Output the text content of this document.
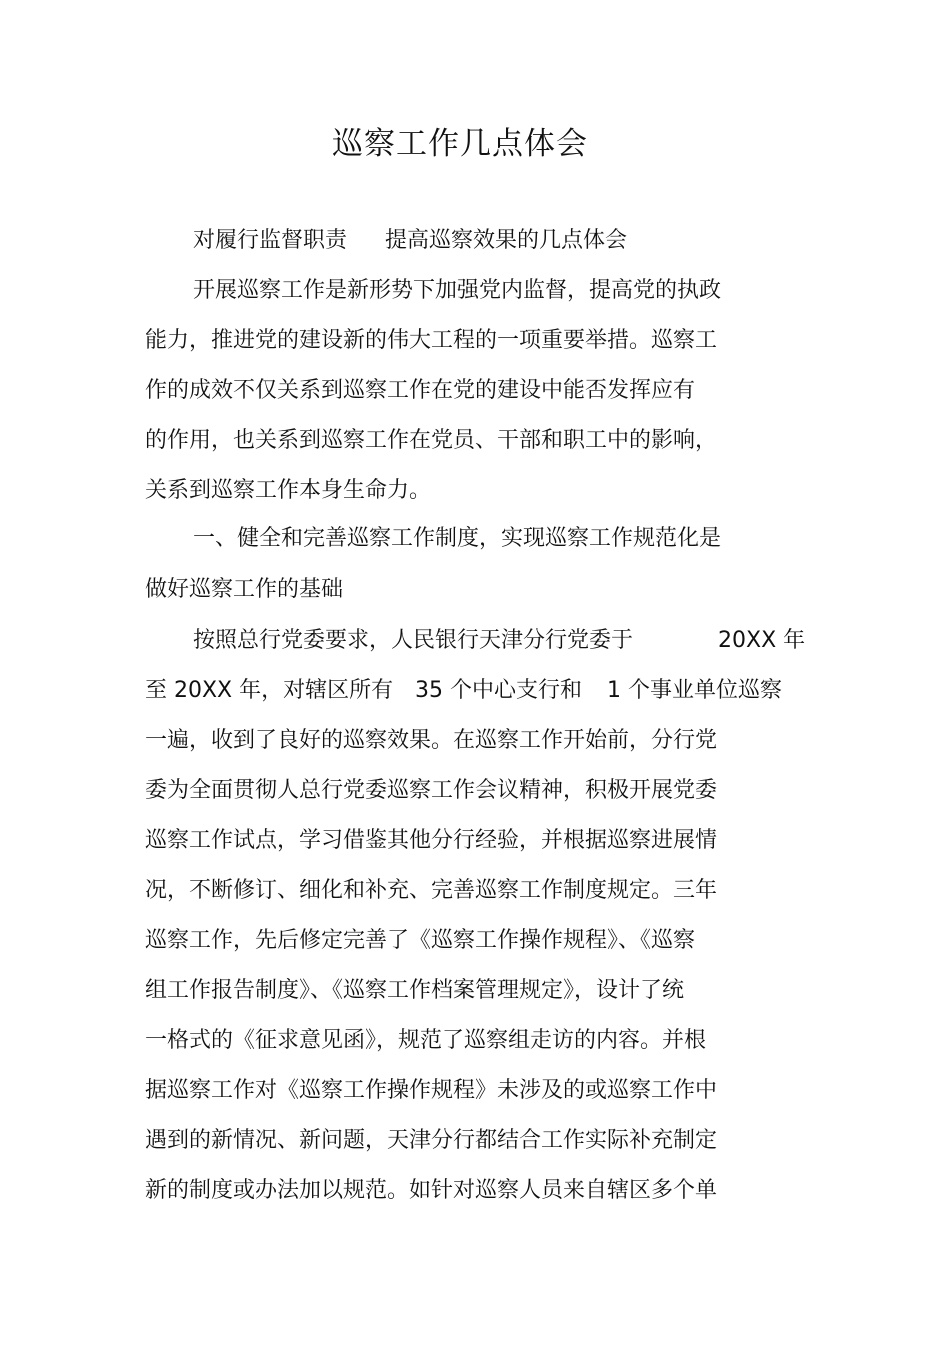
巡察工作几点体会
对履行监督职责 提高巡察效果的几点体会
开展巡察工作是新形势下加强党内监督，提高党的执政
能力，推进党的建设新的伟大工程的一项重要举措。巡察工
作的成效不仅关系到巡察工作在党的建设中能否发挥应有
的作用，也关系到巡察工作在党员、干部和职工中的影响，
关系到巡察工作本身生命力。
一、健全和完善巡察工作制度，实现巡察工作规范化是
做好巡察工作的基础
按照总行党委要求，人民银行天津分行党委于	20XX 年
至 20XX 年，对辖区所有 35 个中心支行和 1 个事业单位巡察
一遍，收到了良好的巡察效果。在巡察工作开始前，分行党
委为全面贯彻人总行党委巡察工作会议精神，积极开展党委
巡察工作试点，学习借鉴其他分行经验，并根据巡察进展情
况，不断修订、细化和补充、完善巡察工作制度规定。三年
巡察工作，先后修定完善了《巡察工作操作规程》、《巡察
组工作报告制度》、《巡察工作档案管理规定》，设计了统
一格式的《征求意见函》，规范了巡察组走访的内容。并根
据巡察工作对《巡察工作操作规程》未涉及的或巡察工作中
遇到的新情况、新问题，天津分行都结合工作实际补充制定
新的制度或办法加以规范。如针对巡察人员来自辖区多个单
